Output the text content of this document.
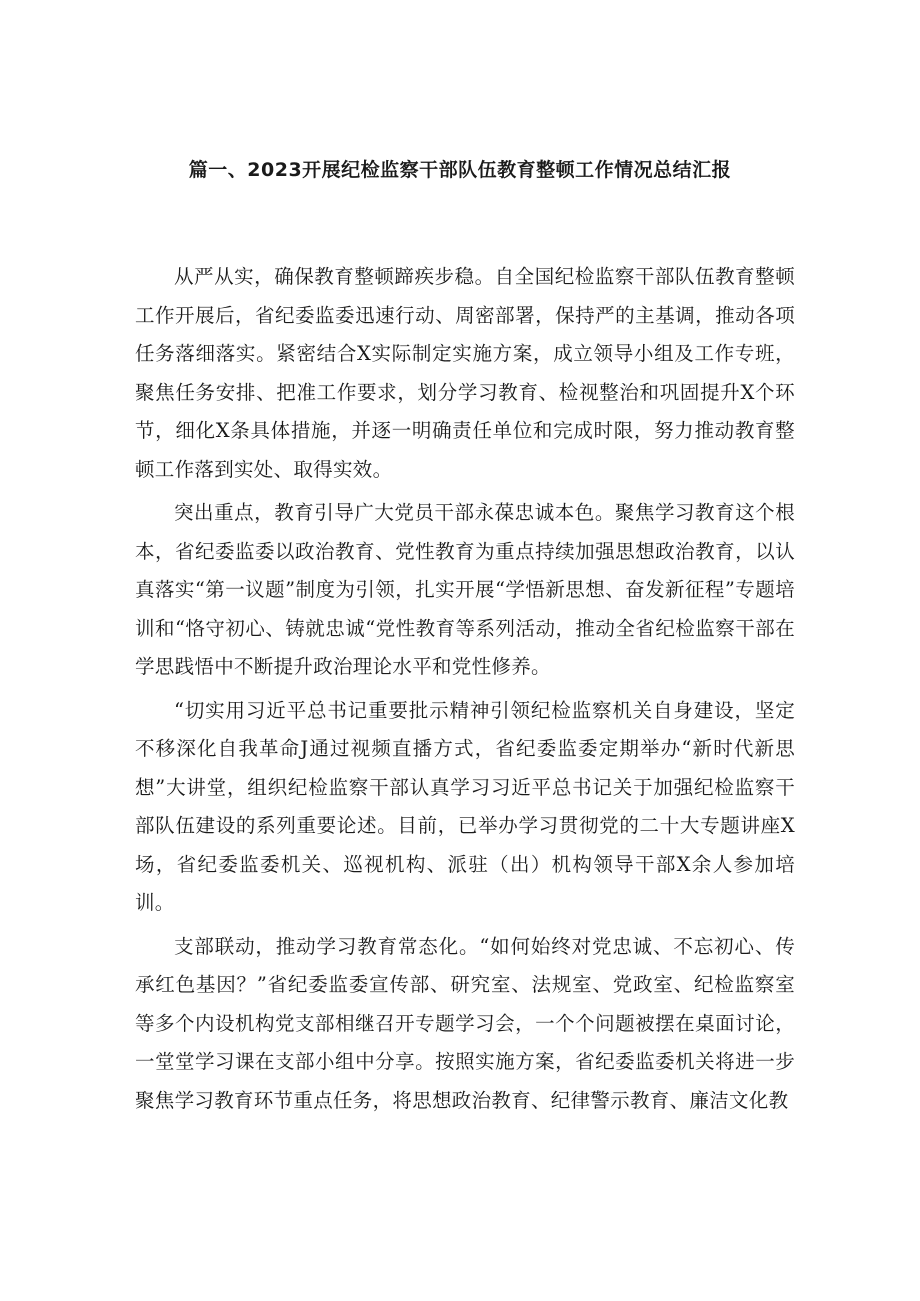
篇一、2023开展纪检监察干部队伍教育整顿工作情况总结汇报

从严从实，确保教育整顿蹄疾步稳。自全国纪检监察干部队伍教育整顿工作开展后，省纪委监委迅速行动、周密部署，保持严的主基调，推动各项任务落细落实。紧密结合X实际制定实施方案，成立领导小组及工作专班，聚焦任务安排、把准工作要求，划分学习教育、检视整治和巩固提升X个环节，细化X条具体措施，并逐一明确责任单位和完成时限，努力推动教育整顿工作落到实处、取得实效。

突出重点，教育引导广大党员干部永葆忠诚本色。聚焦学习教育这个根本，省纪委监委以政治教育、党性教育为重点持续加强思想政治教育，以认真落实“第一议题”制度为引领，扎实开展“学悟新思想、奋发新征程”专题培训和“恪守初心、铸就忠诚“党性教育等系列活动，推动全省纪检监察干部在学思践悟中不断提升政治理论水平和党性修养。

“切实用习近平总书记重要批示精神引领纪检监察机关自身建设，坚定不移深化自我革命J通过视频直播方式，省纪委监委定期举办“新时代新思想”大讲堂，组织纪检监察干部认真学习习近平总书记关于加强纪检监察干部队伍建设的系列重要论述。目前，已举办学习贯彻党的二十大专题讲座X场，省纪委监委机关、巡视机构、派驻（出）机构领导干部X余人参加培训。

支部联动，推动学习教育常态化。“如何始终对党忠诚、不忘初心、传承红色基因？”省纪委监委宣传部、研究室、法规室、党政室、纪检监察室等多个内设机构党支部相继召开专题学习会，一个个问题被摆在桌面讨论，一堂堂学习课在支部小组中分享。按照实施方案，省纪委监委机关将进一步聚焦学习教育环节重点任务，将思想政治教育、纪律警示教育、廉洁文化教
